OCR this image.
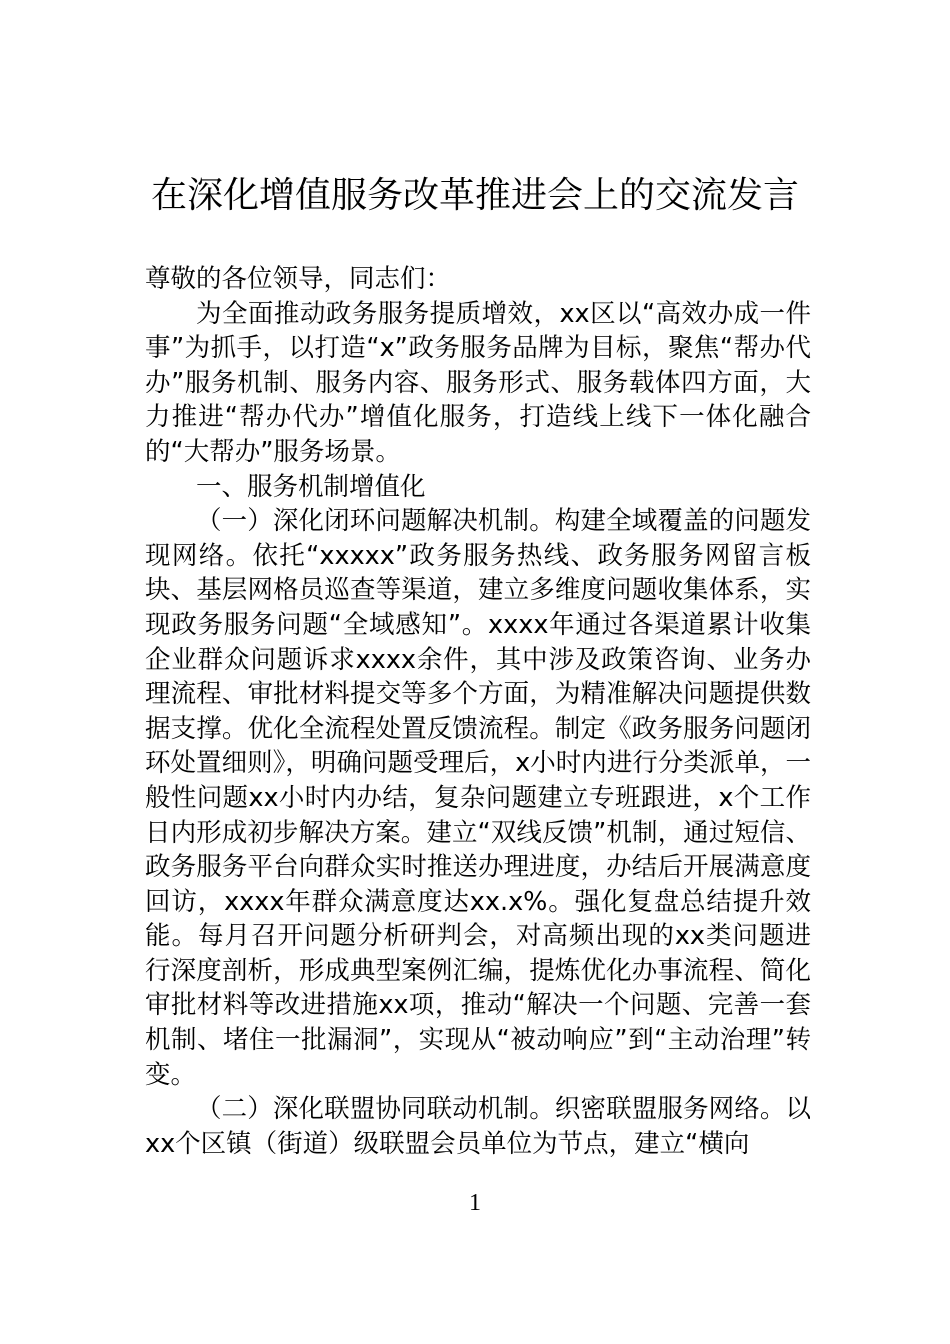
在深化增值服务改革推进会上的交流发言

尊敬的各位领导，同志们：

为全面推动政务服务提质增效，xx区以“高效办成一件事”为抓手，以打造“x”政务服务品牌为目标，聚焦“帮办代办”服务机制、服务内容、服务形式、服务载体四方面，大力推进“帮办代办”增值化服务，打造线上线下一体化融合的“大帮办”服务场景。

一、服务机制增值化

（一）深化闭环问题解决机制。构建全域覆盖的问题发现网络。依托“xxxxx”政务服务热线、政务服务网留言板块、基层网格员巡查等渠道，建立多维度问题收集体系，实现政务服务问题“全域感知”。xxxx年通过各渠道累计收集企业群众问题诉求xxxx余件，其中涉及政策咨询、业务办理流程、审批材料提交等多个方面，为精准解决问题提供数据支撑。优化全流程处置反馈流程。制定《政务服务问题闭环处置细则》，明确问题受理后，x小时内进行分类派单，一般性问题xx小时内办结，复杂问题建立专班跟进，x个工作日内形成初步解决方案。建立“双线反馈”机制，通过短信、政务服务平台向群众实时推送办理进度，办结后开展满意度回访，xxxx年群众满意度达xx.x%。强化复盘总结提升效能。每月召开问题分析研判会，对高频出现的xx类问题进行深度剖析，形成典型案例汇编，提炼优化办事流程、简化审批材料等改进措施xx项，推动“解决一个问题、完善一套机制、堵住一批漏洞”，实现从“被动响应”到“主动治理”转变。

（二）深化联盟协同联动机制。织密联盟服务网络。以xx个区镇（街道）级联盟会员单位为节点，建立“横向

1
